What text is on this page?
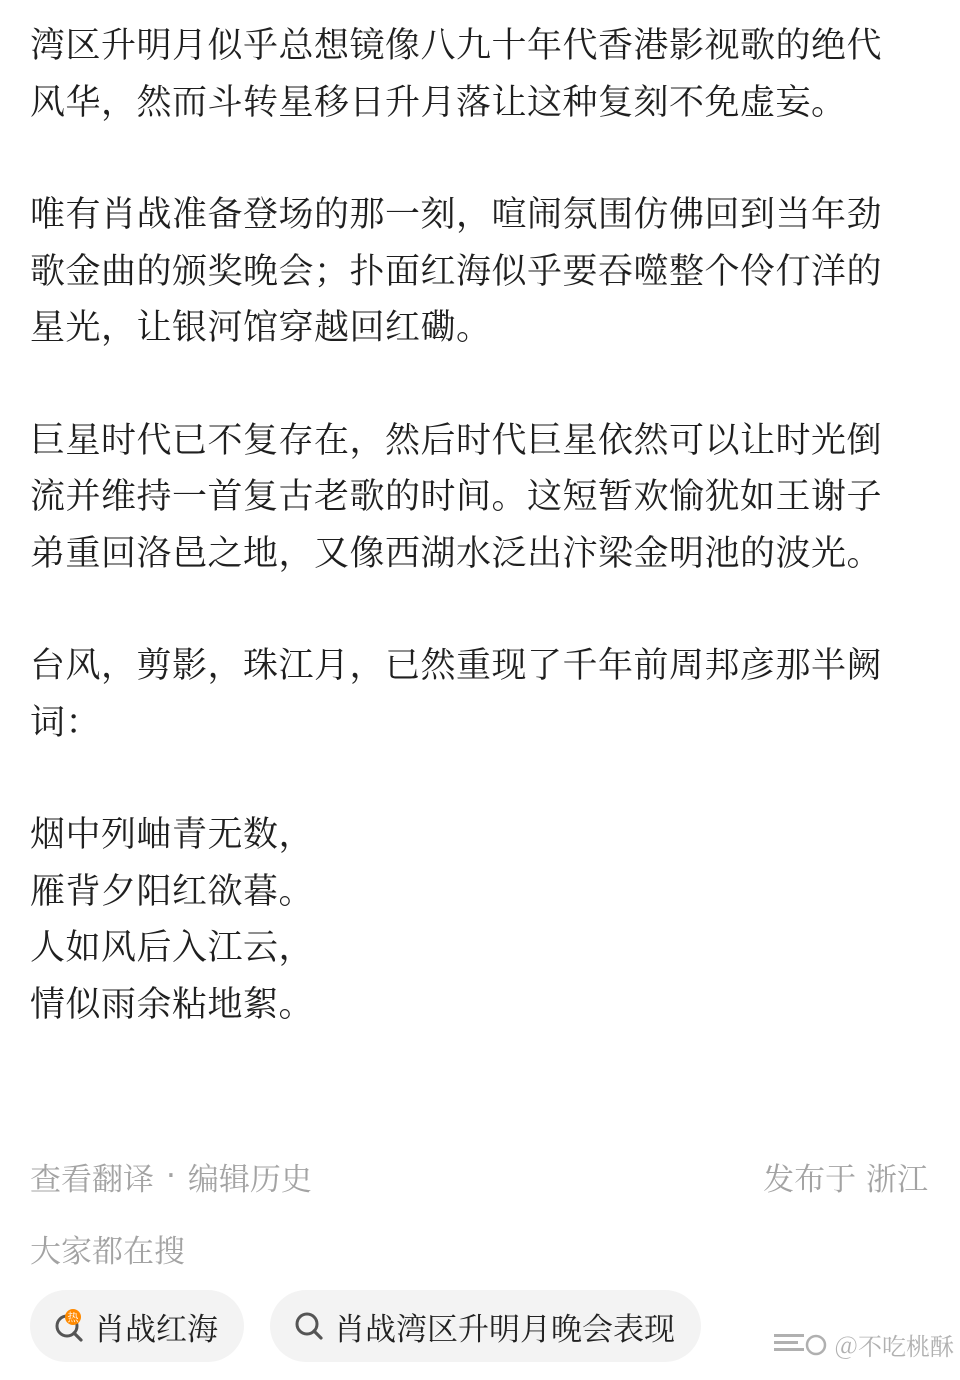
湾区升明月似乎总想镜像八九十年代香港影视歌的绝代风华，然而斗转星移日升月落让这种复刻不免虚妄。

唯有肖战准备登场的那一刻，喧闹氛围仿佛回到当年劲歌金曲的颁奖晚会；扑面红海似乎要吞噬整个伶仃洋的星光，让银河馆穿越回红磡。

巨星时代已不复存在，然后时代巨星依然可以让时光倒流并维持一首复古老歌的时间。这短暂欢愉犹如王谢子弟重回洛邑之地，又像西湖水泛出汴梁金明池的波光。

台风，剪影，珠江月，已然重现了千年前周邦彦那半阙词：

烟中列岫青无数，
雁背夕阳红欲暮。
人如风后入江云，
情似雨余粘地絮。
查看翻译 · 编辑历史	发布于 浙江
大家都在搜
热 肖战红海	肖战湾区升明月晚会表现	＠不吃桃酥
